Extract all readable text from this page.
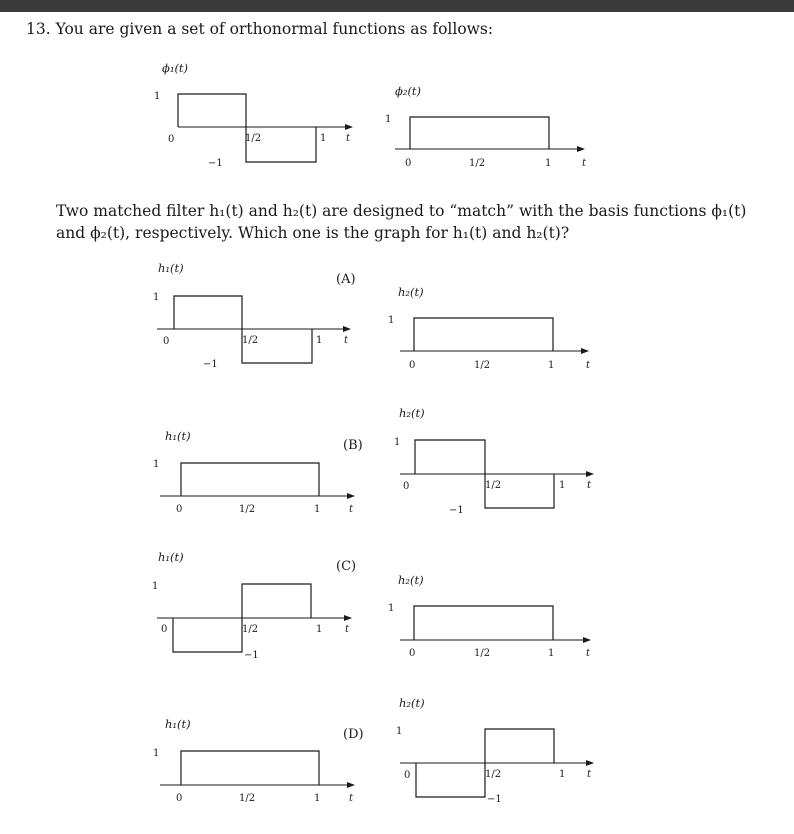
13. You are given a set of orthonormal functions as follows:

Two matched filter h₁(t) and h₂(t) are designed to “match” with the basis functions ϕ₁(t)

and ϕ₂(t), respectively. Which one is the graph for h₁(t) and h₂(t)?

ϕ₁(t)
1
0	1/2	1 t
−1
ϕ₂(t)
1
0	1/2	1	t
(A)
h₁(t)
1
0	1/2	1 t
−1
h₂(t)
1
0	1/2	1	t
(B)
h₁(t)
1
0	1/2	1	t
h₂(t)
1
0	1/2	1 t
−1
(C)
h₁(t)
1
0	1/2	1 t
−1
h₂(t)
1
0	1/2	1	t
(D)
h₁(t)
1
0	1/2	1	t
h₂(t)
1
0	1/2	1 t
−1
